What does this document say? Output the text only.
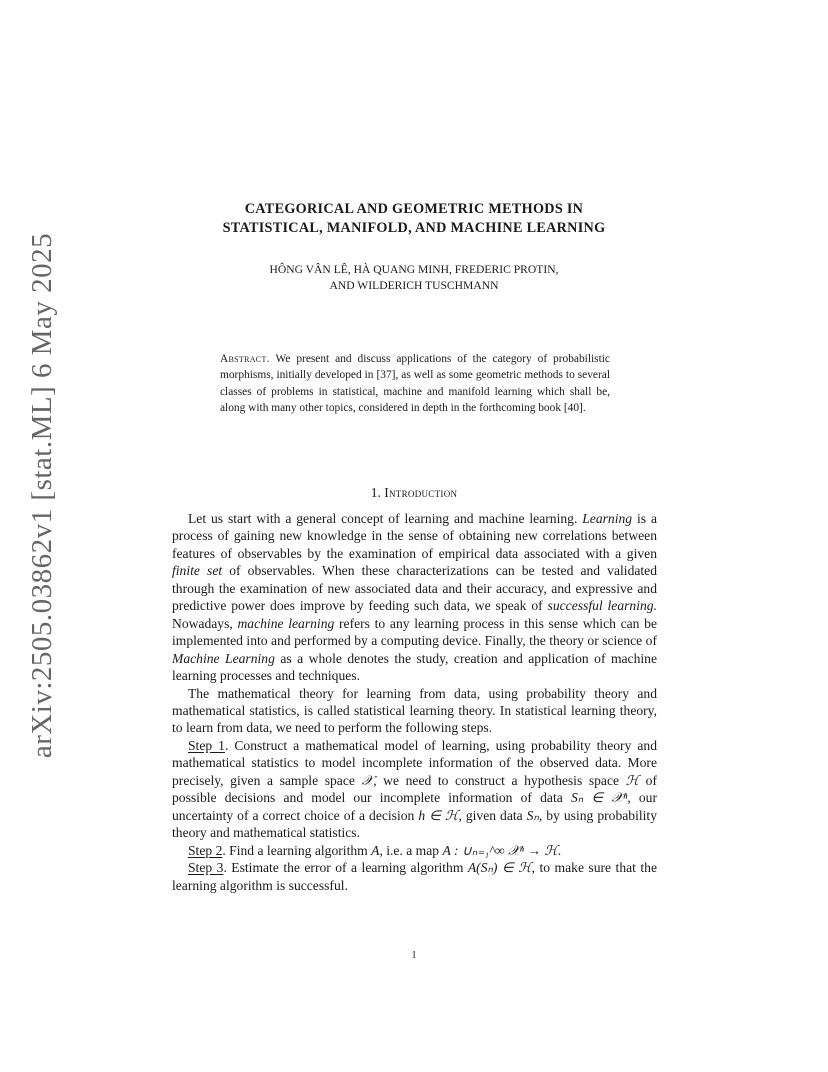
arXiv:2505.03862v1 [stat.ML] 6 May 2025
CATEGORICAL AND GEOMETRIC METHODS IN
STATISTICAL, MANIFOLD, AND MACHINE LEARNING
HÔNG VÂN LÊ, HÀ QUANG MINH, FREDERIC PROTIN,
AND WILDERICH TUSCHMANN
Abstract. We present and discuss applications of the category of probabilistic morphisms, initially developed in [37], as well as some geometric methods to several classes of problems in statistical, machine and manifold learning which shall be, along with many other topics, considered in depth in the forthcoming book [40].
1. Introduction

Let us start with a general concept of learning and machine learning. Learning is a process of gaining new knowledge in the sense of obtaining new correlations between features of observables by the examination of empirical data associated with a given finite set of observables. When these characterizations can be tested and validated through the examination of new associated data and their accuracy, and expressive and predictive power does improve by feeding such data, we speak of successful learning. Nowadays, machine learning refers to any learning process in this sense which can be implemented into and performed by a computing device. Finally, the theory or science of Machine Learning as a whole denotes the study, creation and application of machine learning processes and techniques.

The mathematical theory for learning from data, using probability theory and mathematical statistics, is called statistical learning theory. In statistical learning theory, to learn from data, we need to perform the following steps.

Step 1. Construct a mathematical model of learning, using probability theory and mathematical statistics to model incomplete information of the observed data. More precisely, given a sample space 𝒳, we need to construct a hypothesis space ℋ of possible decisions and model our incomplete information of data Sₙ ∈ 𝒳ⁿ, our uncertainty of a correct choice of a decision h ∈ ℋ, given data Sₙ, by using probability theory and mathematical statistics.

Step 2. Find a learning algorithm A, i.e. a map A : ∪ₙ₌₁^∞ 𝒳ⁿ → ℋ.

Step 3. Estimate the error of a learning algorithm A(Sₙ) ∈ ℋ, to make sure that the learning algorithm is successful.

1
